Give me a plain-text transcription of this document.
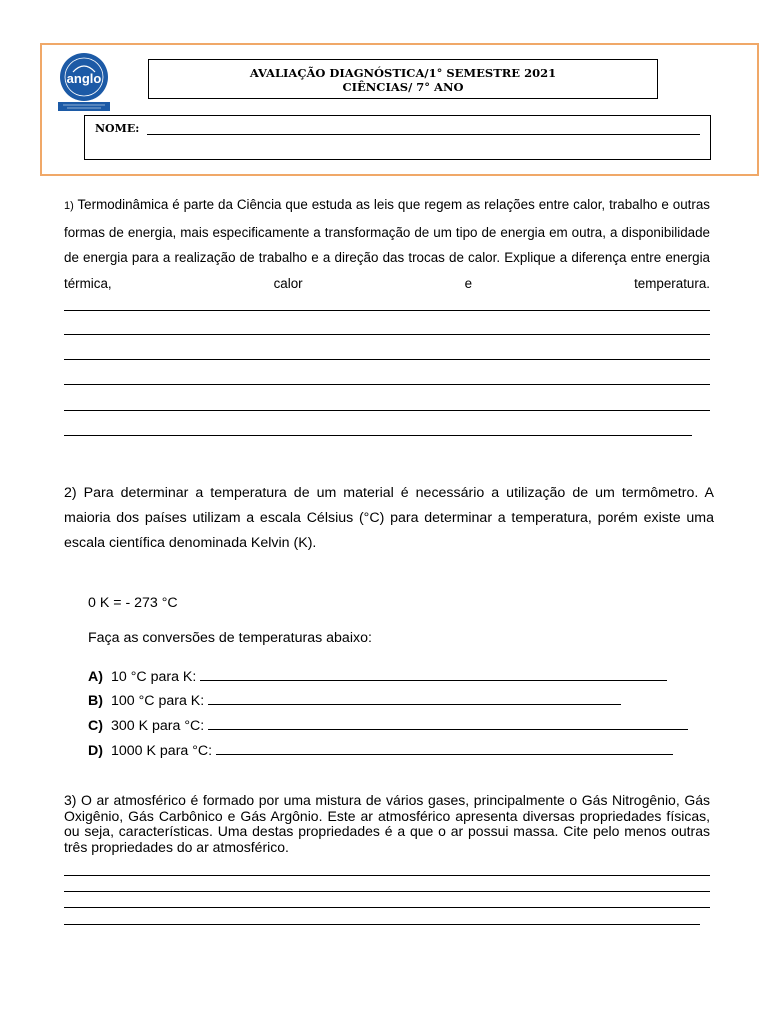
anglo	AVALIAÇÃO DIAGNÓSTICA/1° SEMESTRE 2021
CIÊNCIAS/ 7° ANO
NOME:
1) Termodinâmica é parte da Ciência que estuda as leis que regem as relações entre calor, trabalho e outras formas de energia, mais especificamente a transformação de um tipo de energia em outra, a disponibilidade de energia para a realização de trabalho e a direção das trocas de calor. Explique a diferença entre energia térmica, calor e temperatura.
2) Para determinar a temperatura de um material é necessário a utilização de um termômetro. A maioria dos países utilizam a escala Célsius (°C) para determinar a temperatura, porém existe uma escala científica denominada Kelvin (K).
0 K = - 273 °C
Faça as conversões de temperaturas abaixo:
A) 10 °C para K:
B) 100 °C para K:
C) 300 K para °C:
D) 1000 K para °C:
3) O ar atmosférico é formado por uma mistura de vários gases, principalmente o Gás Nitrogênio, Gás Oxigênio, Gás Carbônico e Gás Argônio. Este ar atmosférico apresenta diversas propriedades físicas, ou seja, características. Uma destas propriedades é a que o ar possui massa. Cite pelo menos outras três propriedades do ar atmosférico.
